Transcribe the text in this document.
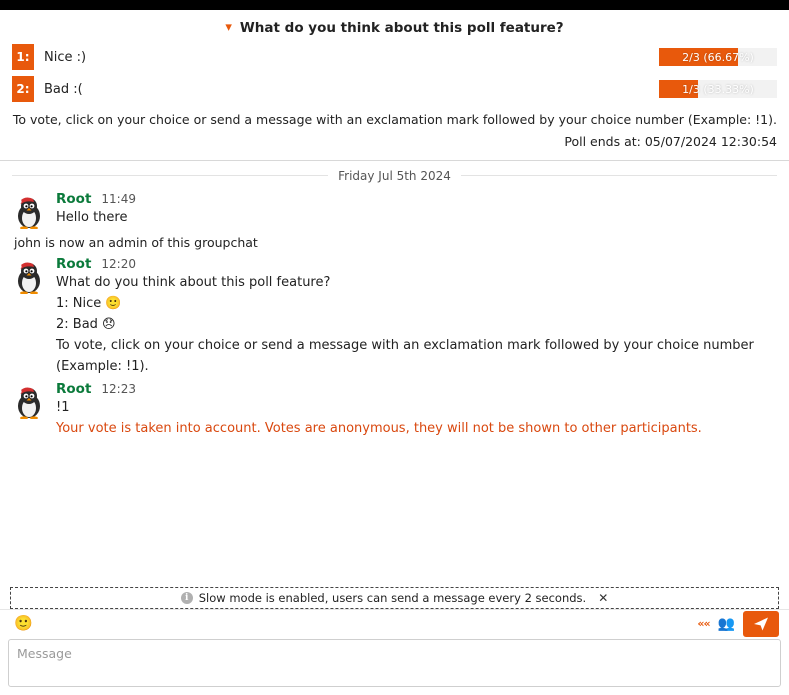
▾ What do you think about this poll feature?
1:	Nice :)	2/3 (66.67%)
2:	Bad :(	1/3 (33.33%)
To vote, click on your choice or send a message with an exclamation mark followed by your choice number (Example: !1).
Poll ends at: 05/07/2024 12:30:54
Friday Jul 5th 2024
Root 11:49
Hello there
john is now an admin of this groupchat
Root 12:20
What do you think about this poll feature?
1: Nice 🙂
2: Bad 😞
To vote, click on your choice or send a message with an exclamation mark followed by your choice number
(Example: !1).
Root 12:23
!1
Your vote is taken into account. Votes are anonymous, they will not be shown to other participants.
i Slow mode is enabled, users can send a message every 2 seconds. ✕
🙂	«« 👥
Message
